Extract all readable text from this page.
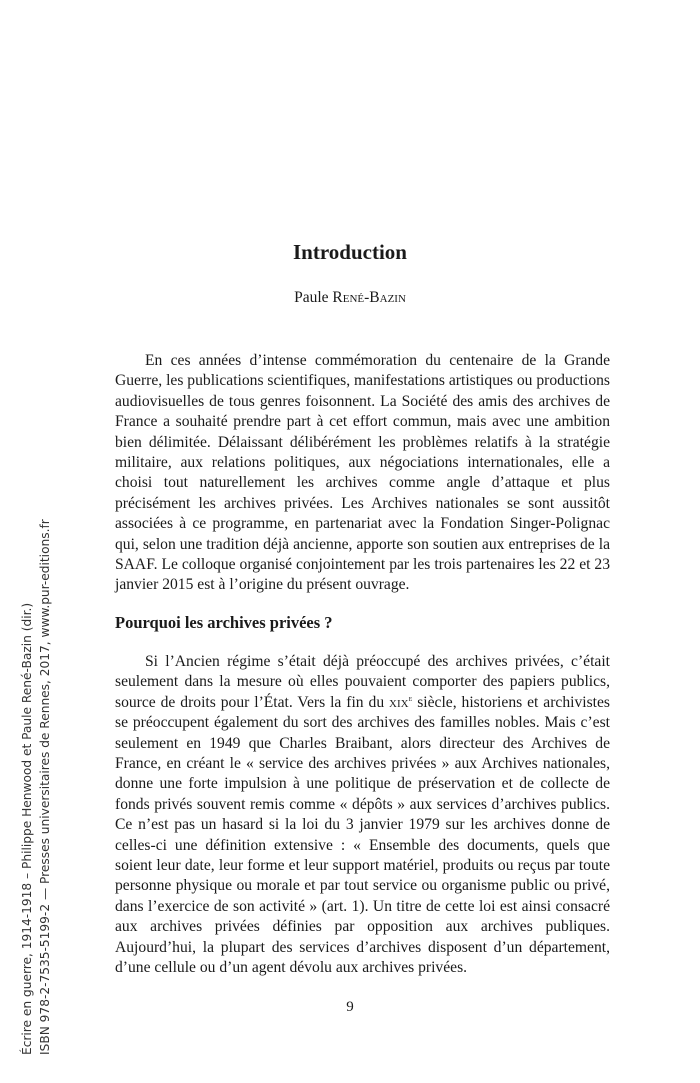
Introduction

Paule René-Bazin

En ces années d’intense commémoration du centenaire de la Grande Guerre, les publications scientifiques, manifestations artistiques ou productions audiovisuelles de tous genres foisonnent. La Société des amis des archives de France a souhaité prendre part à cet effort commun, mais avec une ambition bien délimitée. Délaissant délibérément les problèmes relatifs à la stratégie militaire, aux relations politiques, aux négociations internationales, elle a choisi tout naturellement les archives comme angle d’attaque et plus précisément les archives privées. Les Archives nationales se sont aussitôt associées à ce programme, en partenariat avec la Fondation Singer-Polignac qui, selon une tradition déjà ancienne, apporte son soutien aux entreprises de la SAAF. Le colloque organisé conjointement par les trois partenaires les 22 et 23 janvier 2015 est à l’origine du présent ouvrage.

Pourquoi les archives privées ?

Si l’Ancien régime s’était déjà préoccupé des archives privées, c’était seulement dans la mesure où elles pouvaient comporter des papiers publics, source de droits pour l’État. Vers la fin du xix$^e$ siècle, historiens et archivistes se préoccupent également du sort des archives des familles nobles. Mais c’est seulement en 1949 que Charles Braibant, alors directeur des Archives de France, en créant le « service des archives privées » aux Archives nationales, donne une forte impulsion à une politique de préservation et de collecte de fonds privés souvent remis comme « dépôts » aux services d’archives publics. Ce n’est pas un hasard si la loi du 3 janvier 1979 sur les archives donne de celles-ci une définition extensive : « Ensemble des documents, quels que soient leur date, leur forme et leur support matériel, produits ou reçus par toute personne physique ou morale et par tout service ou organisme public ou privé, dans l’exercice de son activité » (art. 1). Un titre de cette loi est ainsi consacré aux archives privées définies par opposition aux archives publiques. Aujourd’hui, la plupart des services d’archives disposent d’un département, d’une cellule ou d’un agent dévolu aux archives privées.

9

Écrire en guerre, 1914-1918 – Philippe Henwood et Paule René-Bazin (dir.) ISBN 978-2-7535-5199-2 — Presses universitaires de Rennes, 2017, www.pur-editions.fr
